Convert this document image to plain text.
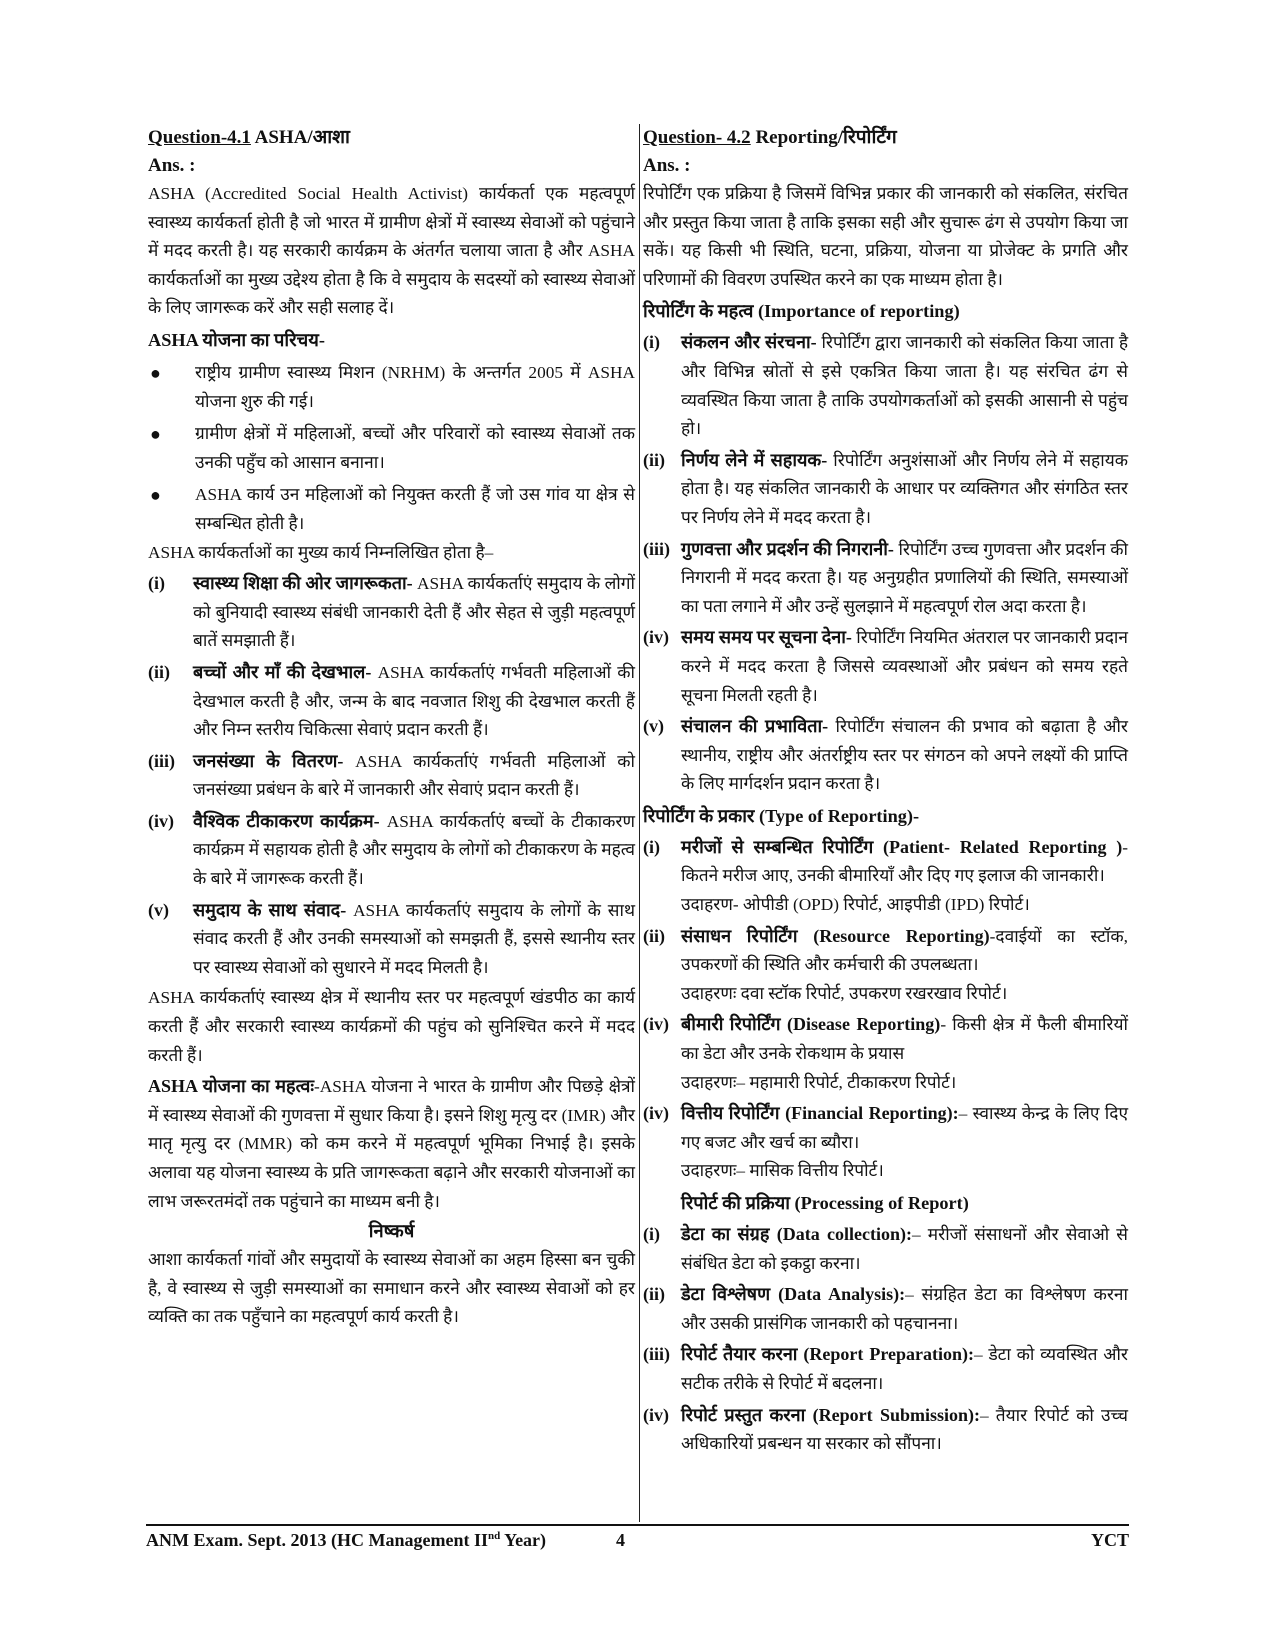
Question-4.1 ASHA/आशा
Ans. :

ASHA (Accredited Social Health Activist) कार्यकर्ता एक महत्वपूर्ण स्वास्थ्य कार्यकर्ता होती है जो भारत में ग्रामीण क्षेत्रों में स्वास्थ्य सेवाओं को पहुंचाने में मदद करती है। यह सरकारी कार्यक्रम के अंतर्गत चलाया जाता है और ASHA कार्यकर्ताओं का मुख्य उद्देश्य होता है कि वे समुदाय के सदस्यों को स्वास्थ्य सेवाओं के लिए जागरूक करें और सही सलाह दें।

ASHA योजना का परिचय-
●	राष्ट्रीय ग्रामीण स्वास्थ्य मिशन (NRHM) के अन्तर्गत 2005 में ASHA योजना शुरु की गई।
●	ग्रामीण क्षेत्रों में महिलाओं, बच्चों और परिवारों को स्वास्थ्य सेवाओं तक उनकी पहुँच को आसान बनाना।
●	ASHA कार्य उन महिलाओं को नियुक्त करती हैं जो उस गांव या क्षेत्र से सम्बन्धित होती है।

ASHA कार्यकर्ताओं का मुख्य कार्य निम्नलिखित होता है–

(i)	स्वास्थ्य शिक्षा की ओर जागरूकता- ASHA कार्यकर्ताएं समुदाय के लोगों को बुनियादी स्वास्थ्य संबंधी जानकारी देती हैं और सेहत से जुड़ी महत्वपूर्ण बातें समझाती हैं।
(ii)	बच्चों और माँ की देखभाल- ASHA कार्यकर्ताएं गर्भवती महिलाओं की देखभाल करती है और, जन्म के बाद नवजात शिशु की देखभाल करती हैं और निम्न स्तरीय चिकित्सा सेवाएं प्रदान करती हैं।
(iii)	जनसंख्या के वितरण- ASHA कार्यकर्ताएं गर्भवती महिलाओं को जनसंख्या प्रबंधन के बारे में जानकारी और सेवाएं प्रदान करती हैं।
(iv)	वैश्विक टीकाकरण कार्यक्रम- ASHA कार्यकर्ताएं बच्चों के टीकाकरण कार्यक्रम में सहायक होती है और समुदाय के लोगों को टीकाकरण के महत्व के बारे में जागरूक करती हैं।
(v)	समुदाय के साथ संवाद- ASHA कार्यकर्ताएं समुदाय के लोगों के साथ संवाद करती हैं और उनकी समस्याओं को समझती हैं, इससे स्थानीय स्तर पर स्वास्थ्य सेवाओं को सुधारने में मदद मिलती है।

ASHA कार्यकर्ताएं स्वास्थ्य क्षेत्र में स्थानीय स्तर पर महत्वपूर्ण खंडपीठ का कार्य करती हैं और सरकारी स्वास्थ्य कार्यक्रमों की पहुंच को सुनिश्चित करने में मदद करती हैं।

ASHA योजना का महत्वः-ASHA योजना ने भारत के ग्रामीण और पिछड़े क्षेत्रों में स्वास्थ्य सेवाओं की गुणवत्ता में सुधार किया है। इसने शिशु मृत्यु दर (IMR) और मातृ मृत्यु दर (MMR) को कम करने में महत्वपूर्ण भूमिका निभाई है। इसके अलावा यह योजना स्वास्थ्य के प्रति जागरूकता बढ़ाने और सरकारी योजनाओं का लाभ जरूरतमंदों तक पहुंचाने का माध्यम बनी है।

निष्कर्ष

आशा कार्यकर्ता गांवों और समुदायों के स्वास्थ्य सेवाओं का अहम हिस्सा बन चुकी है, वे स्वास्थ्य से जुड़ी समस्याओं का समाधान करने और स्वास्थ्य सेवाओं को हर व्यक्ति का तक पहुँचाने का महत्वपूर्ण कार्य करती है।

Question- 4.2 Reporting/रिपोर्टिंग
Ans. :

रिपोर्टिंग एक प्रक्रिया है जिसमें विभिन्न प्रकार की जानकारी को संकलित, संरचित और प्रस्तुत किया जाता है ताकि इसका सही और सुचारू ढंग से उपयोग किया जा सकें। यह किसी भी स्थिति, घटना, प्रक्रिया, योजना या प्रोजेक्ट के प्रगति और परिणामों की विवरण उपस्थित करने का एक माध्यम होता है।

रिपोर्टिंग के महत्व (Importance of reporting)
(i)	संकलन और संरचना- रिपोर्टिंग द्वारा जानकारी को संकलित किया जाता है और विभिन्न स्रोतों से इसे एकत्रित किया जाता है। यह संरचित ढंग से व्यवस्थित किया जाता है ताकि उपयोगकर्ताओं को इसकी आसानी से पहुंच हो।
(ii) निर्णय लेने में सहायक- रिपोर्टिंग अनुशंसाओं और निर्णय लेने में सहायक होता है। यह संकलित जानकारी के आधार पर व्यक्तिगत और संगठित स्तर पर निर्णय लेने में मदद करता है।
(iii) गुणवत्ता और प्रदर्शन की निगरानी- रिपोर्टिंग उच्च गुणवत्ता और प्रदर्शन की निगरानी में मदद करता है। यह अनुग्रहीत प्रणालियों की स्थिति, समस्याओं का पता लगाने में और उन्हें सुलझाने में महत्वपूर्ण रोल अदा करता है।
(iv) समय समय पर सूचना देना- रिपोर्टिंग नियमित अंतराल पर जानकारी प्रदान करने में मदद करता है जिससे व्यवस्थाओं और प्रबंधन को समय रहते सूचना मिलती रहती है।
(v) संचालन की प्रभाविता- रिपोर्टिंग संचालन की प्रभाव को बढ़ाता है और स्थानीय, राष्ट्रीय और अंतर्राष्ट्रीय स्तर पर संगठन को अपने लक्ष्यों की प्राप्ति के लिए मार्गदर्शन प्रदान करता है।
रिपोर्टिंग के प्रकार (Type of Reporting)-
(i)	मरीजों से सम्बन्धित रिपोर्टिंग (Patient- Related Reporting )- कितने मरीज आए, उनकी बीमारियाँ और दिए गए इलाज की जानकारी।
उदाहरण- ओपीडी (OPD) रिपोर्ट, आइपीडी (IPD) रिपोर्ट।
(ii) संसाधन रिपोर्टिंग (Resource Reporting)-दवाईयों का स्टॉक, उपकरणों की स्थिति और कर्मचारी की उपलब्धता।
उदाहरणः दवा स्टॉक रिपोर्ट, उपकरण रखरखाव रिपोर्ट।
(iv) बीमारी रिपोर्टिंग (Disease Reporting)- किसी क्षेत्र में फैली बीमारियों का डेटा और उनके रोकथाम के प्रयास
उदाहरणः– महामारी रिपोर्ट, टीकाकरण रिपोर्ट।
(iv) वित्तीय रिपोर्टिंग (Financial Reporting):– स्वास्थ्य केन्द्र के लिए दिए गए बजट और खर्च का ब्यौरा।
उदाहरणः– मासिक वित्तीय रिपोर्ट।
रिपोर्ट की प्रक्रिया (Processing of Report)
(i)	डेटा का संग्रह (Data collection):– मरीजों संसाधनों और सेवाओ से संबंधित डेटा को इकट्ठा करना।
(ii) डेटा विश्लेषण (Data Analysis):– संग्रहित डेटा का विश्लेषण करना और उसकी प्रासंगिक जानकारी को पहचानना।
(iii) रिपोर्ट तैयार करना (Report Preparation):– डेटा को व्यवस्थित और सटीक तरीके से रिपोर्ट में बदलना।
(iv) रिपोर्ट प्रस्तुत करना (Report Submission):– तैयार रिपोर्ट को उच्च अधिकारियों प्रबन्धन या सरकार को सौंपना।
ANM Exam. Sept. 2013 (HC Management IInd Year)	4	YCT
